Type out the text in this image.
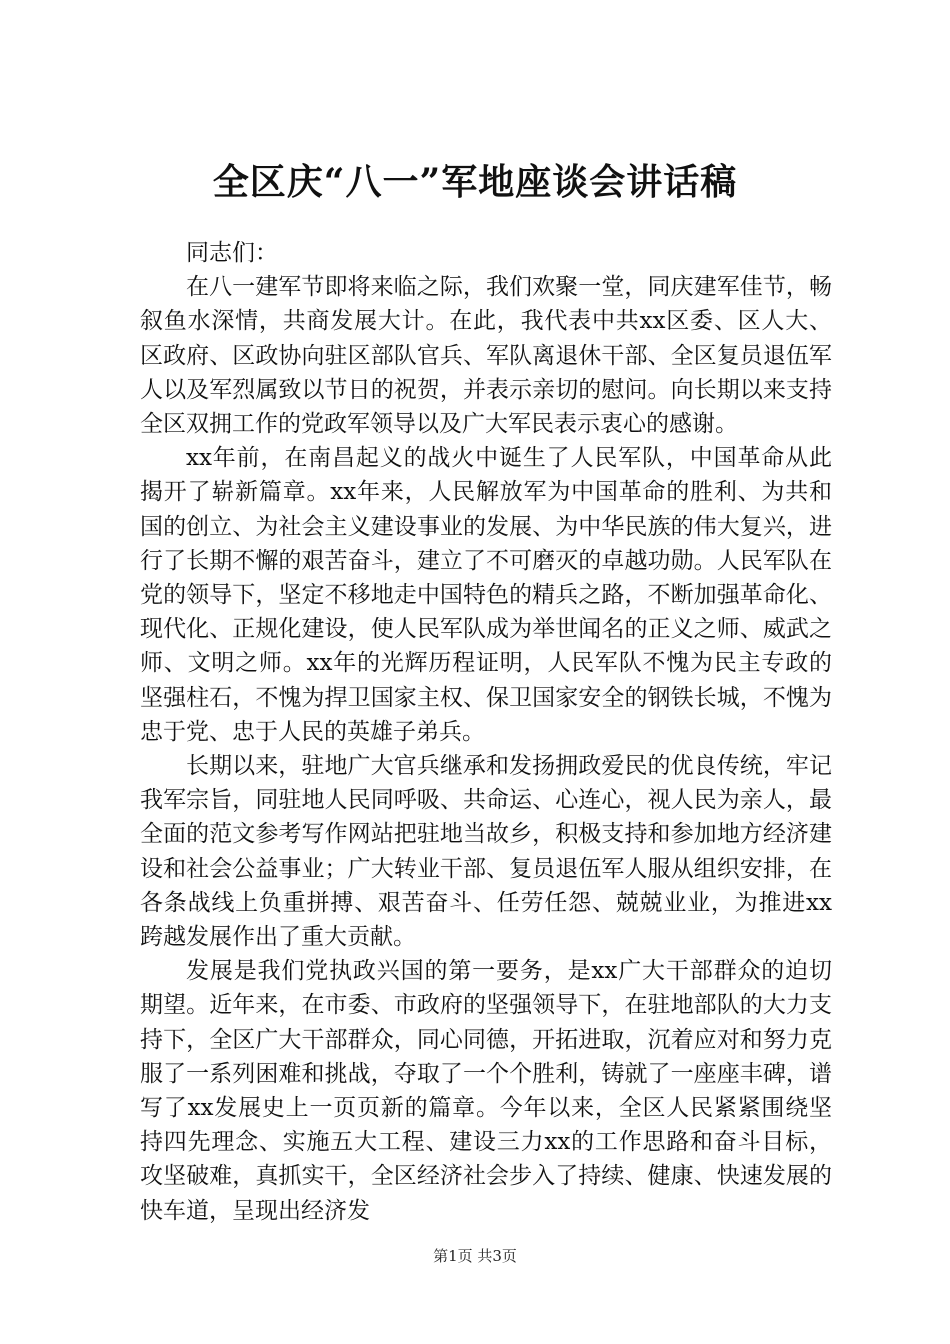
全区庆“八一”军地座谈会讲话稿

同志们：

在八一建军节即将来临之际，我们欢聚一堂，同庆建军佳节，畅叙鱼水深情，共商发展大计。在此，我代表中共xx区委、区人大、区政府、区政协向驻区部队官兵、军队离退休干部、全区复员退伍军人以及军烈属致以节日的祝贺，并表示亲切的慰问。向长期以来支持全区双拥工作的党政军领导以及广大军民表示衷心的感谢。

xx年前，在南昌起义的战火中诞生了人民军队，中国革命从此揭开了崭新篇章。xx年来，人民解放军为中国革命的胜利、为共和国的创立、为社会主义建设事业的发展、为中华民族的伟大复兴，进行了长期不懈的艰苦奋斗，建立了不可磨灭的卓越功勋。人民军队在党的领导下，坚定不移地走中国特色的精兵之路，不断加强革命化、现代化、正规化建设，使人民军队成为举世闻名的正义之师、威武之师、文明之师。xx年的光辉历程证明，人民军队不愧为民主专政的坚强柱石，不愧为捍卫国家主权、保卫国家安全的钢铁长城，不愧为忠于党、忠于人民的英雄子弟兵。

长期以来，驻地广大官兵继承和发扬拥政爱民的优良传统，牢记我军宗旨，同驻地人民同呼吸、共命运、心连心，视人民为亲人，最全面的范文参考写作网站把驻地当故乡，积极支持和参加地方经济建设和社会公益事业；广大转业干部、复员退伍军人服从组织安排，在各条战线上负重拼搏、艰苦奋斗、任劳任怨、兢兢业业，为推进xx跨越发展作出了重大贡献。

发展是我们党执政兴国的第一要务，是xx广大干部群众的迫切期望。近年来，在市委、市政府的坚强领导下，在驻地部队的大力支持下，全区广大干部群众，同心同德，开拓进取，沉着应对和努力克服了一系列困难和挑战，夺取了一个个胜利，铸就了一座座丰碑，谱写了xx发展史上一页页新的篇章。今年以来，全区人民紧紧围绕坚持四先理念、实施五大工程、建设三力xx的工作思路和奋斗目标，攻坚破难，真抓实干，全区经济社会步入了持续、健康、快速发展的快车道，呈现出经济发

第1页 共3页
